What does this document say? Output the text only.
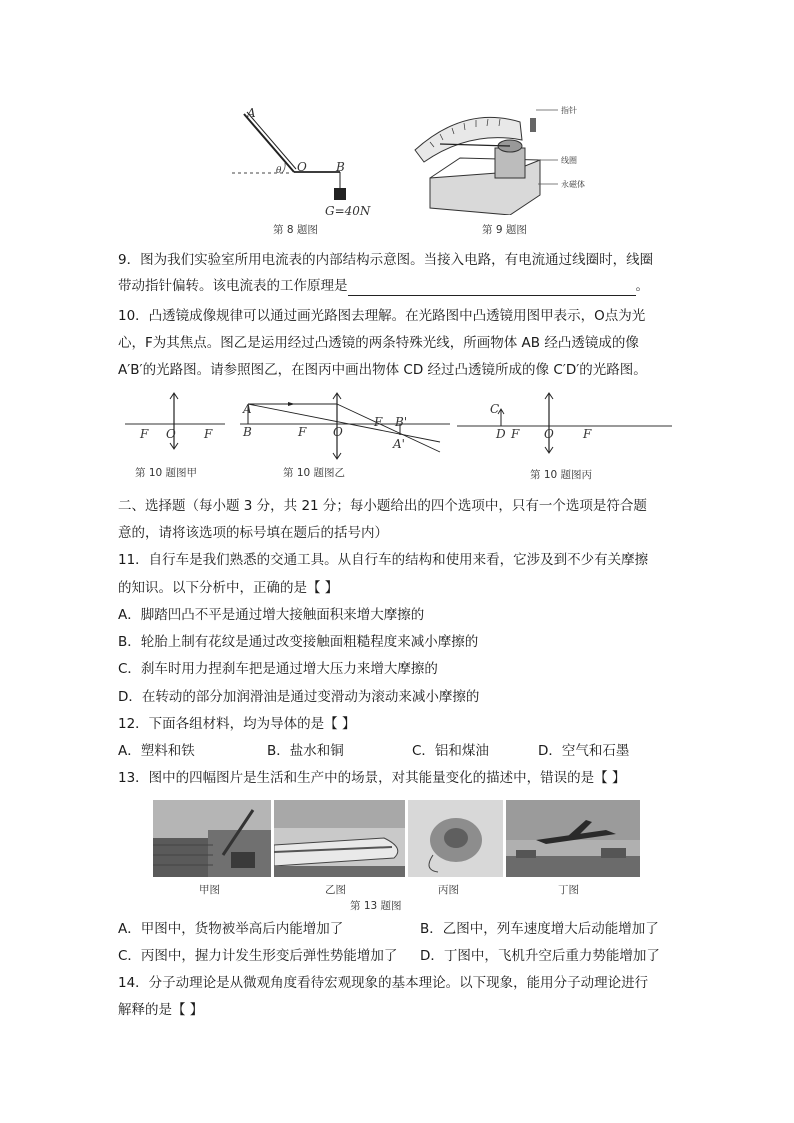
A
O B
θ
G=40N
第 8 题图
指针
线圈
永磁体
第 9 题图
9．图为我们实验室所用电流表的内部结构示意图。当接入电路，有电流通过线圈时，线圈
带动指针偏转。该电流表的工作原理是	。
10．凸透镜成像规律可以通过画光路图去理解。在光路图中凸透镜用图甲表示，O点为光
心，F为其焦点。图乙是运用经过凸透镜的两条特殊光线，所画物体 AB 经凸透镜成的像
A′B′的光路图。请参照图乙，在图丙中画出物体 CD 经过凸透镜所成的像 C′D′的光路图。
F O F
第 10 题图甲
A
B	F O
F B'
A'
第 10 题图乙
C
D F O F
第 10 题图丙
二、选择题（每小题 3 分，共 21 分；每小题给出的四个选项中，只有一个选项是符合题
意的，请将该选项的标号填在题后的括号内）
11．自行车是我们熟悉的交通工具。从自行车的结构和使用来看，它涉及到不少有关摩擦
的知识。以下分析中，正确的是【 】
A．脚踏凹凸不平是通过增大接触面积来增大摩擦的
B．轮胎上制有花纹是通过改变接触面粗糙程度来减小摩擦的
C．刹车时用力捏刹车把是通过增大压力来增大摩擦的
D．在转动的部分加润滑油是通过变滑动为滚动来减小摩擦的
12．下面各组材料，均为导体的是【 】
A．塑料和铁	B．盐水和铜	C．铝和煤油	D．空气和石墨
13．图中的四幅图片是生活和生产中的场景，对其能量变化的描述中，错误的是【 】
甲图	乙图	丙图	丁图
第 13 题图
A．甲图中，货物被举高后内能增加了	B．乙图中，列车速度增大后动能增加了
C．丙图中，握力计发生形变后弹性势能增加了 D．丁图中，飞机升空后重力势能增加了
14．分子动理论是从微观角度看待宏观现象的基本理论。以下现象，能用分子动理论进行
解释的是【 】
